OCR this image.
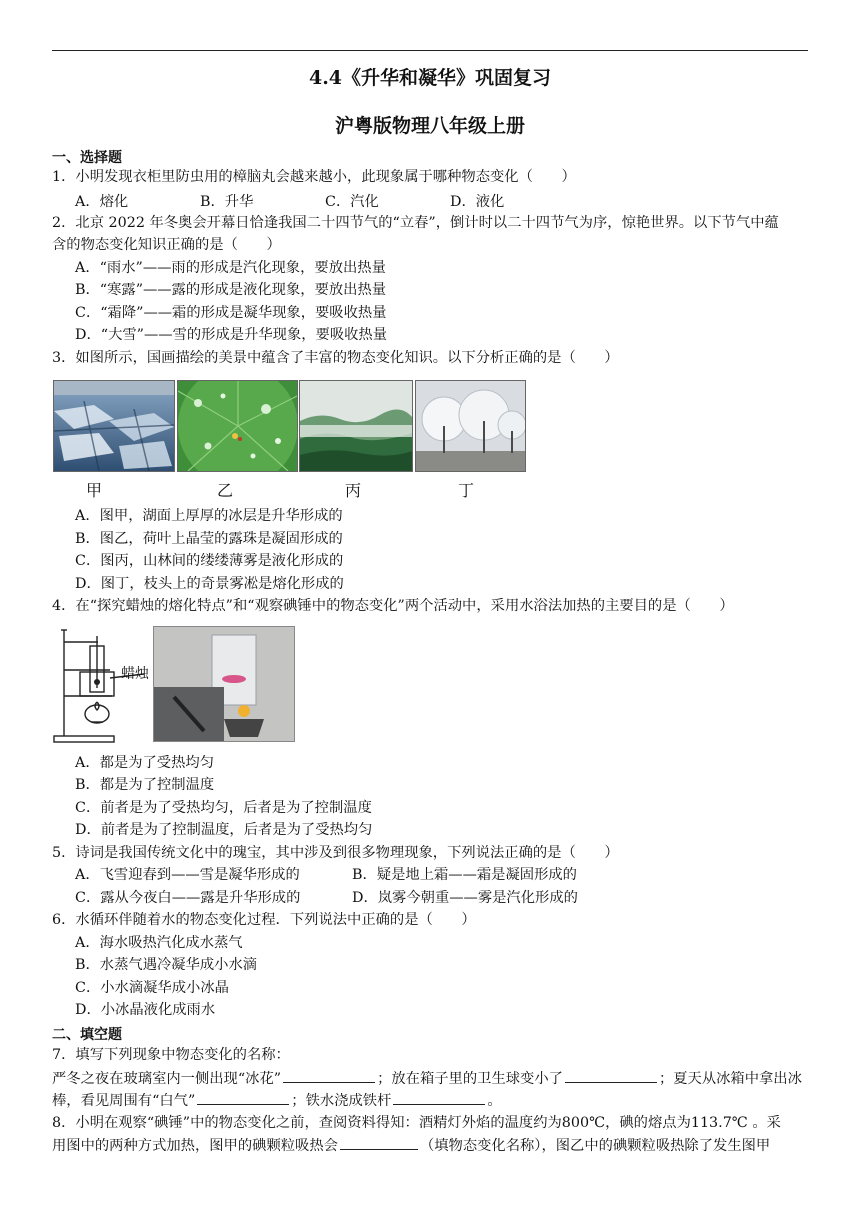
4.4《升华和凝华》巩固复习
沪粤版物理八年级上册
一、选择题
1．小明发现衣柜里防虫用的樟脑丸会越来越小，此现象属于哪种物态变化（　　）
A．熔化	B．升华	C．汽化	D．液化
2．北京 2022 年冬奥会开幕日恰逢我国二十四节气的“立春”，倒计时以二十四节气为序，惊艳世界。以下节气中蕴
含的物态变化知识正确的是（　　）
A．“雨水”——雨的形成是汽化现象，要放出热量
B．“寒露”——露的形成是液化现象，要放出热量
C．“霜降”——霜的形成是凝华现象，要吸收热量
D．“大雪”——雪的形成是升华现象，要吸收热量
3．如图所示，国画描绘的美景中蕴含了丰富的物态变化知识。以下分析正确的是（　　）
甲	乙	丙	丁
A．图甲，湖面上厚厚的冰层是升华形成的
B．图乙，荷叶上晶莹的露珠是凝固形成的
C．图丙，山林间的缕缕薄雾是液化形成的
D．图丁，枝头上的奇景雾凇是熔化形成的
4．在“探究蜡烛的熔化特点”和“观察碘锤中的物态变化”两个活动中，采用水浴法加热的主要目的是（　　）
蜡烛
A．都是为了受热均匀
B．都是为了控制温度
C．前者是为了受热均匀，后者是为了控制温度
D．前者是为了控制温度，后者是为了受热均匀
5．诗词是我国传统文化中的瑰宝，其中涉及到很多物理现象，下列说法正确的是（　　）
A．飞雪迎春到——雪是凝华形成的	B．疑是地上霜——霜是凝固形成的
C．露从今夜白——露是升华形成的	D．岚雾今朝重——雾是汽化形成的
6．水循环伴随着水的物态变化过程．下列说法中正确的是（　　）
A．海水吸热汽化成水蒸气
B．水蒸气遇冷凝华成小水滴
C．小水滴凝华成小冰晶
D．小冰晶液化成雨水
二、填空题
7．填写下列现象中物态变化的名称：
严冬之夜在玻璃室内一侧出现“冰花”	；放在箱子里的卫生球变小了	；夏天从冰箱中拿出冰
棒，看见周围有“白气”	；铁水浇成铁杆	。
8．小明在观察“碘锤”中的物态变化之前，查阅资料得知：酒精灯外焰的温度约为800℃，碘的熔点为113.7℃ 。采
用图中的两种方式加热，图甲的碘颗粒吸热会	（填物态变化名称），图乙中的碘颗粒吸热除了发生图甲
